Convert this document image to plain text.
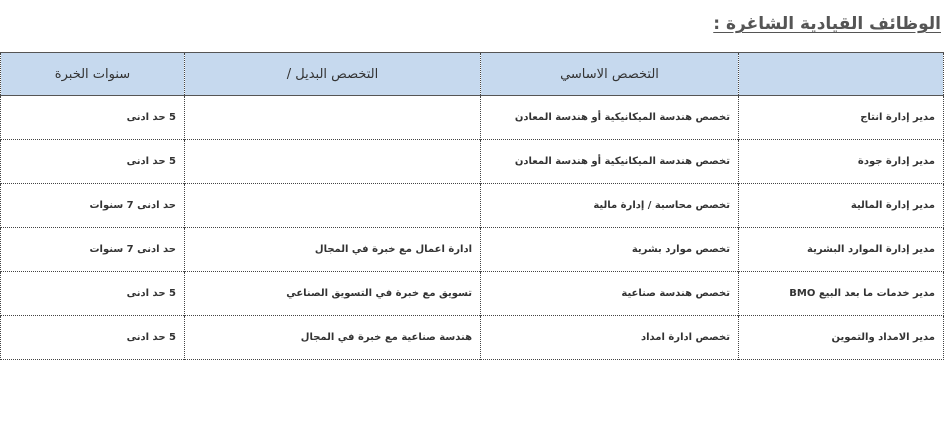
الوظائف القيادية الشاغرة :
	التخصص الاساسي	التخصص البديل /	سنوات الخبرة
مدير إدارة انتاج	تخصص هندسة الميكانيكية أو هندسة المعادن		5 حد ادنى
مدير إدارة جودة	تخصص هندسة الميكانيكية أو هندسة المعادن		5 حد ادنى
مدير إدارة المالية	تخصص محاسبة / إدارة مالية		حد ادنى 7 سنوات
مدير إدارة الموارد البشرية	تخصص موارد بشرية	ادارة اعمال مع خبرة في المجال	حد ادنى 7 سنوات
مدير خدمات ما بعد البيع BMO	تخصص هندسة صناعية	تسويق مع خبرة في التسويق الصناعي	5 حد ادنى
مدير الامداد والتموين	تخصص ادارة امداد	هندسة صناعية مع خبرة في المجال	5 حد ادنى
